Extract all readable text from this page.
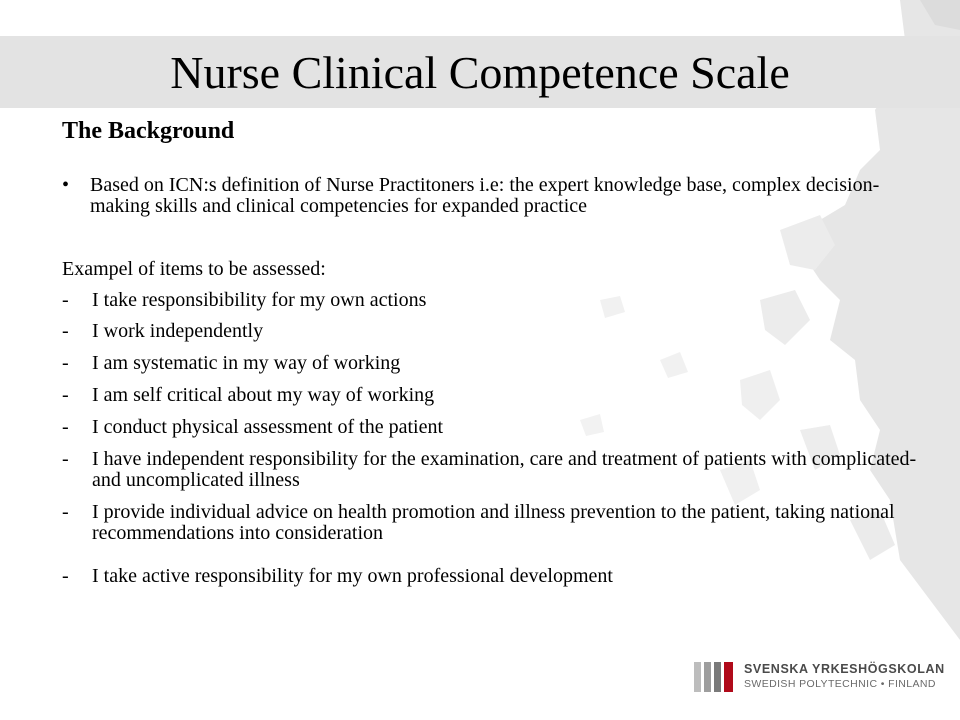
Nurse Clinical Competence Scale
The Background
• Based on ICN:s definition of Nurse Practitoners i.e: the expert knowledge base, complex decision-making skills and clinical competencies for expanded practice
Exampel of items to be assessed:
- I take responsibibility for my own actions
- I work independently
- I am systematic in my way of working
- I am self critical about my way of working
- I conduct physical assessment of the patient
- I have independent responsibility for the examination, care and treatment of patients with complicated- and uncomplicated illness
- I provide individual advice on health promotion and illness prevention to the patient, taking national recommendations into consideration
- I take active responsibility for my own professional development
SVENSKA YRKESHÖGSKOLAN
SWEDISH POLYTECHNIC • FINLAND
